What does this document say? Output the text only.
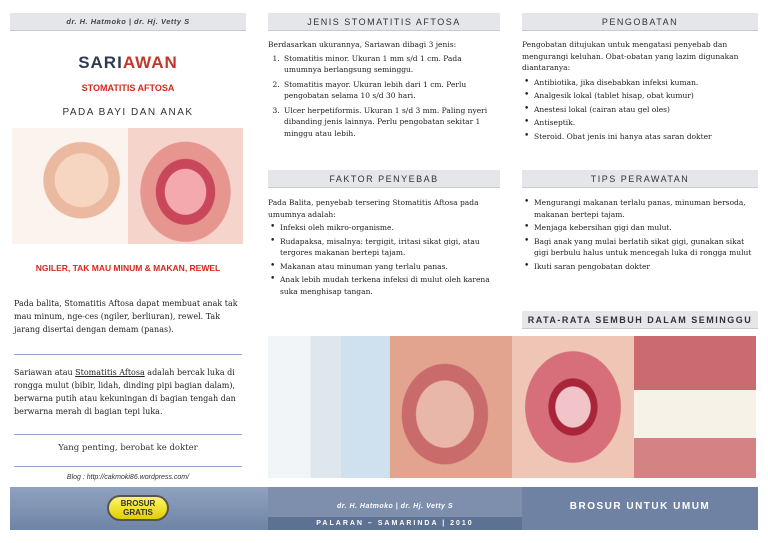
dr. H. Hatmoko | dr. Hj. Vetty S
SARIAWAN
STOMATITIS AFTOSA
PADA BAYI DAN ANAK
NGILER, TAK MAU MINUM & MAKAN, REWEL
Pada balita, Stomatitis Aftosa dapat membuat anak tak mau minum, nge-ces (ngiler, berliuran), rewel. Tak jarang disertai dengan demam (panas).
Sariawan atau Stomatitis Aftosa adalah bercak luka di rongga mulut (bibir, lidah, dinding pipi bagian dalam), berwarna putih atau kekuningan di bagian tengah dan berwarna merah di bagian tepi luka.
Yang penting, berobat ke dokter
Blog : http://cakmoki86.wordpress.com/
JENIS STOMATITIS AFTOSA
Berdasarkan ukurannya, Sariawan dibagi 3 jenis:
1. Stomatitis minor. Ukuran 1 mm s/d 1 cm. Pada umumnya berlangsung seminggu.
2. Stomatitis mayor. Ukuran lebih dari 1 cm. Perlu pengobatan selama 10 s/d 30 hari.
3. Ulcer herpetiformis. Ukuran 1 s/d 3 mm. Paling nyeri dibanding jenis lainnya. Perlu pengobatan sekitar 1 minggu atau lebih.
FAKTOR PENYEBAB
Pada Balita, penyebab tersering Stomatitis Aftosa pada umumnya adalah:
• Infeksi oleh mikro-organisme.
• Rudapaksa, misalnya: tergigit, iritasi sikat gigi, atau tergores makanan bertepi tajam.
• Makanan atau minuman yang terlalu panas.
• Anak lebih mudah terkena infeksi di mulut oleh karena suka menghisap tangan.
PENGOBATAN
Pengobatan ditujukan untuk mengatasi penyebab dan mengurangi keluhan. Obat-obatan yang lazim digunakan diantaranya:
• Antibiotika, jika disebabkan infeksi kuman.
• Analgesik lokal (tablet hisap, obat kumur)
• Anestesi lokal (cairan atau gel oles)
• Antiseptik.
• Steroid. Obat jenis ini hanya atas saran dokter
TIPS PERAWATAN
• Mengurangi makanan terlalu panas, minuman bersoda, makanan bertepi tajam.
• Menjaga kebersihan gigi dan mulut.
• Bagi anak yang mulai berlatih sikat gigi, gunakan sikat gigi berbulu halus untuk mencegah luka di rongga mulut
• Ikuti saran pengobatan dokter
RATA-RATA SEMBUH DALAM SEMINGGU
BROSUR
GRATIS
dr. H. Hatmoko | dr. Hj. Vetty S
PALARAN – SAMARINDA | 2010
BROSUR UNTUK UMUM
